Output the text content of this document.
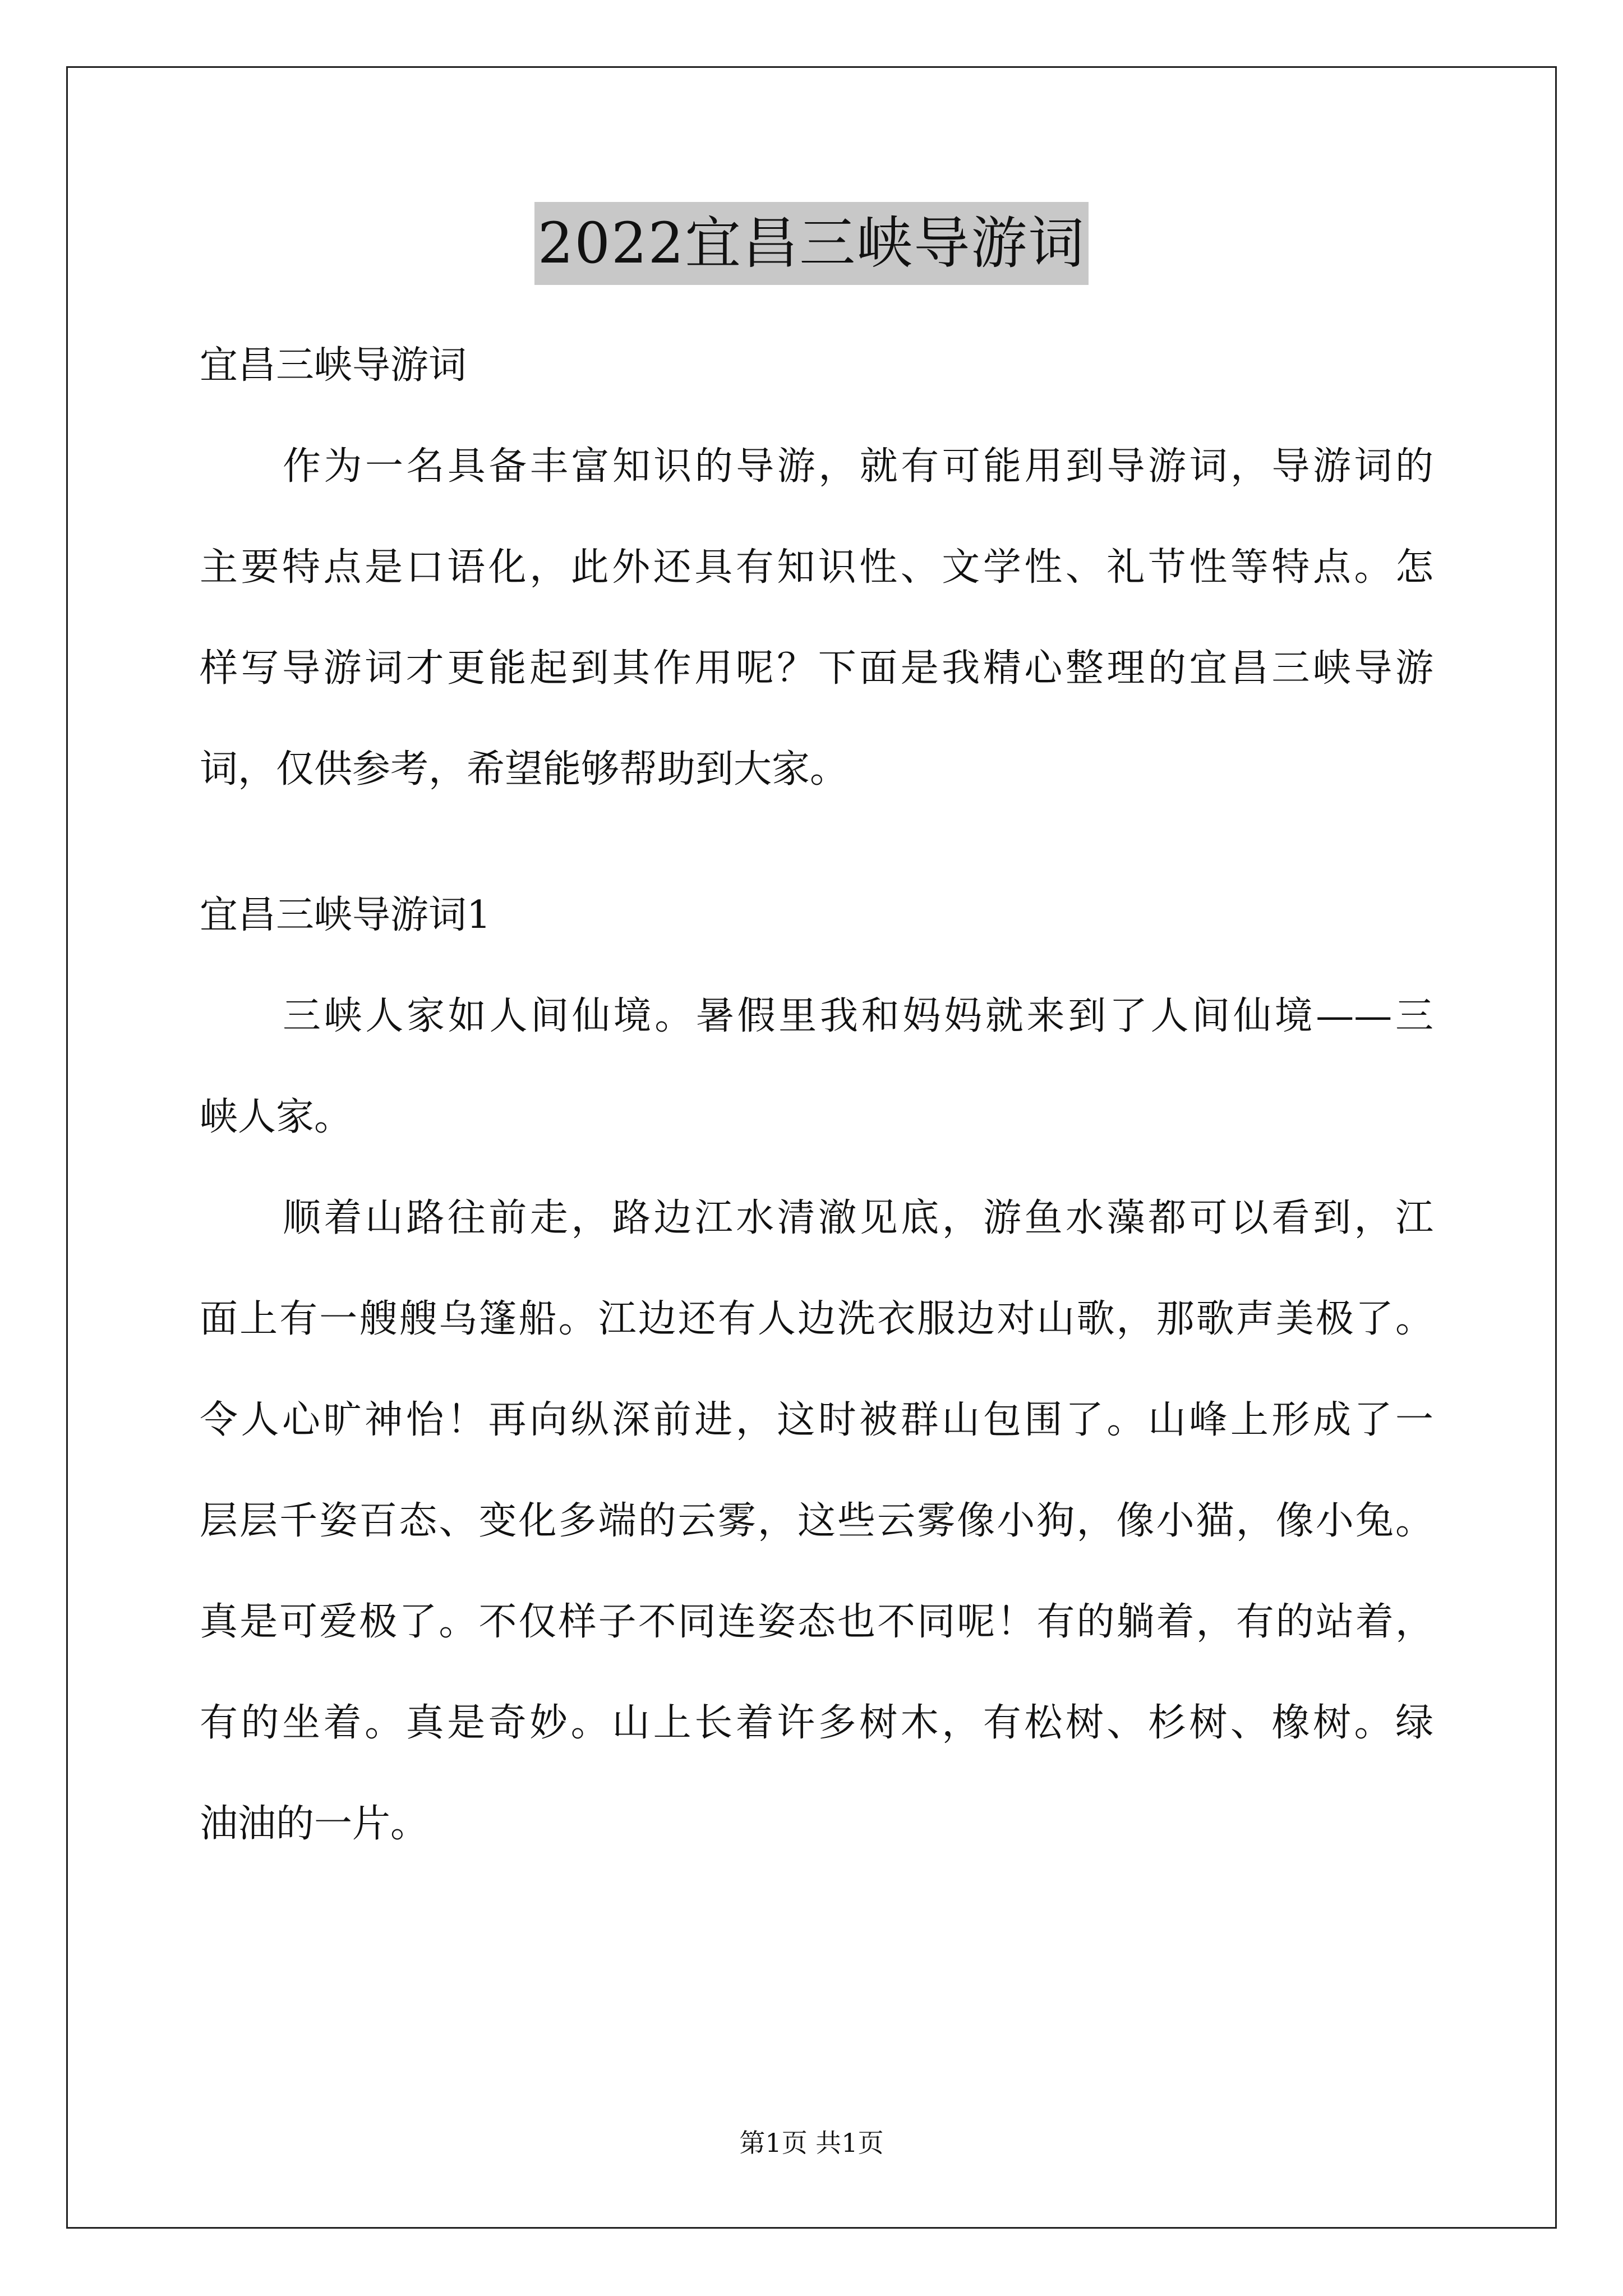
2022宜昌三峡导游词
宜昌三峡导游词
作为一名具备丰富知识的导游，就有可能用到导游词，导游词的
主要特点是口语化，此外还具有知识性、文学性、礼节性等特点。怎
样写导游词才更能起到其作用呢？下面是我精心整理的宜昌三峡导游
词，仅供参考，希望能够帮助到大家。
宜昌三峡导游词1
三峡人家如人间仙境。暑假里我和妈妈就来到了人间仙境——三
峡人家。
顺着山路往前走，路边江水清澈见底，游鱼水藻都可以看到，江
面上有一艘艘乌篷船。江边还有人边洗衣服边对山歌，那歌声美极了。
令人心旷神怡！再向纵深前进，这时被群山包围了。山峰上形成了一
层层千姿百态、变化多端的云雾，这些云雾像小狗，像小猫，像小兔。
真是可爱极了。不仅样子不同连姿态也不同呢！有的躺着，有的站着，
有的坐着。真是奇妙。山上长着许多树木，有松树、杉树、橡树。绿
油油的一片。
第1页 共1页
